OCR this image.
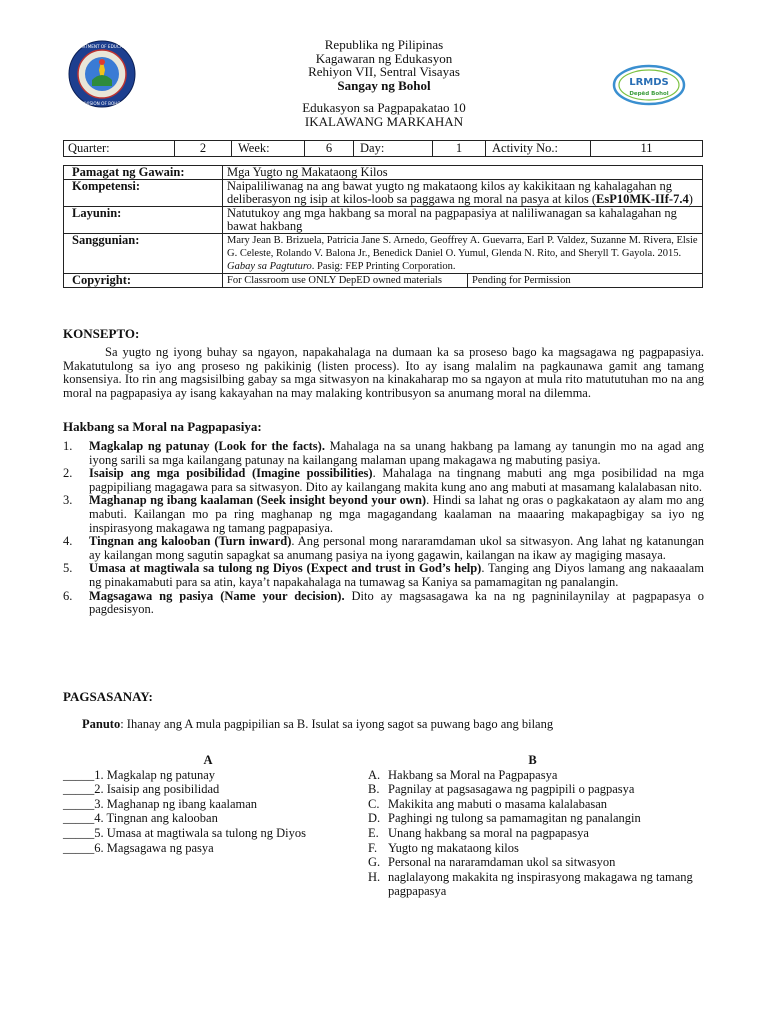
DEPARTMENT OF EDUCATION
DIVISION OF BOHOL
LRMDS
Depēd Bohol
Republika ng Pilipinas
Kagawaran ng Edukasyon
Rehiyon VII, Sentral Visayas
Sangay ng Bohol
Edukasyon sa Pagpapakatao 10
IKALAWANG MARKAHAN
Quarter:	2	Week:	6	Day:	1	Activity No.:	11
Pamagat ng Gawain:	Mga Yugto ng Makataong Kilos	
Kompetensi:	Naipaliliwanag na ang bawat yugto ng makataong kilos ay kakikitaan ng kahalagahan ng deliberasyon ng isip at kilos-loob sa paggawa ng moral na pasya at kilos (EsP10MK-IIf-7.4)	
Layunin:	Natutukoy ang mga hakbang sa moral na pagpapasiya at naliliwanagan sa kahalagahan ng bawat hakbang	
Sanggunian:	Mary Jean B. Brizuela, Patricia Jane S. Arnedo, Geoffrey A. Guevarra, Earl P. Valdez, Suzanne M. Rivera, Elsie G. Celeste, Rolando V. Balona Jr., Benedick Daniel O. Yumul, Glenda N. Rito, and Sheryll T. Gayola. 2015. Gabay sa Pagtuturo. Pasig: FEP Printing Corporation.	
Copyright:	For Classroom use ONLY DepED owned materials	Pending for Permission
KONSEPTO:
Sa yugto ng iyong buhay sa ngayon, napakahalaga na dumaan ka sa proseso bago ka magsagawa ng pagpapasiya. Makatutulong sa iyo ang proseso ng pakikinig (listen process). Ito ay isang malalim na pagkaunawa gamit ang tamang konsensiya. Ito rin ang magsisilbing gabay sa mga sitwasyon na kinakaharap mo sa ngayon at mula rito matututuhan mo na ang moral na pagpapasiya ay isang kakayahan na may malaking kontribusyon sa anumang moral na dilemma.
Hakbang sa Moral na Pagpapasiya:
1. Magkalap ng patunay (Look for the facts). Mahalaga na sa unang hakbang pa lamang ay tanungin mo na agad ang iyong sarili sa mga kailangang patunay na kailangang malaman upang makagawa ng mabuting pasiya.
2. Isaisip ang mga posibilidad (Imagine possibilities). Mahalaga na tingnang mabuti ang mga posibilidad na mga pagpipiliang magagawa para sa sitwasyon. Dito ay kailangang makita kung ano ang mabuti at masamang kalalabasan nito.
3. Maghanap ng ibang kaalaman (Seek insight beyond your own). Hindi sa lahat ng oras o pagkakataon ay alam mo ang mabuti. Kailangan mo pa ring maghanap ng mga magagandang kaalaman na maaaring makapagbigay sa iyo ng inspirasyong makagawa ng tamang pagpapasiya.
4. Tingnan ang kalooban (Turn inward). Ang personal mong nararamdaman ukol sa sitwasyon. Ang lahat ng katanungan ay kailangan mong sagutin sapagkat sa anumang pasiya na iyong gagawin, kailangan na ikaw ay magiging masaya.
5. Umasa at magtiwala sa tulong ng Diyos (Expect and trust in God’s help). Tanging ang Diyos lamang ang nakaaalam ng pinakamabuti para sa atin, kaya’t napakahalaga na tumawag sa Kaniya sa pamamagitan ng panalangin.
6. Magsagawa ng pasiya (Name your decision). Dito ay magsasagawa ka na ng pagninilaynilay at pagpapasya o pagdesisyon.
PAGSASANAY:
Panuto: Ihanay ang A mula pagpipilian sa B. Isulat sa iyong sagot sa puwang bago ang bilang
A
_____1. Magkalap ng patunay
_____2. Isaisip ang posibilidad
_____3. Maghanap ng ibang kaalaman
_____4. Tingnan ang kalooban
_____5. Umasa at magtiwala sa tulong ng Diyos
_____6. Magsagawa ng pasya
B
A. Hakbang sa Moral na Pagpapasya
B. Pagnilay at pagsasagawa ng pagpipili o pagpasya
C. Makikita ang mabuti o masama kalalabasan
D. Paghingi ng tulong sa pamamagitan ng panalangin
E. Unang hakbang sa moral na pagpapasya
F. Yugto ng makataong kilos
G. Personal na nararamdaman ukol sa sitwasyon
H. naglalayong makakita ng inspirasyong makagawa ng tamang pagpapasya
